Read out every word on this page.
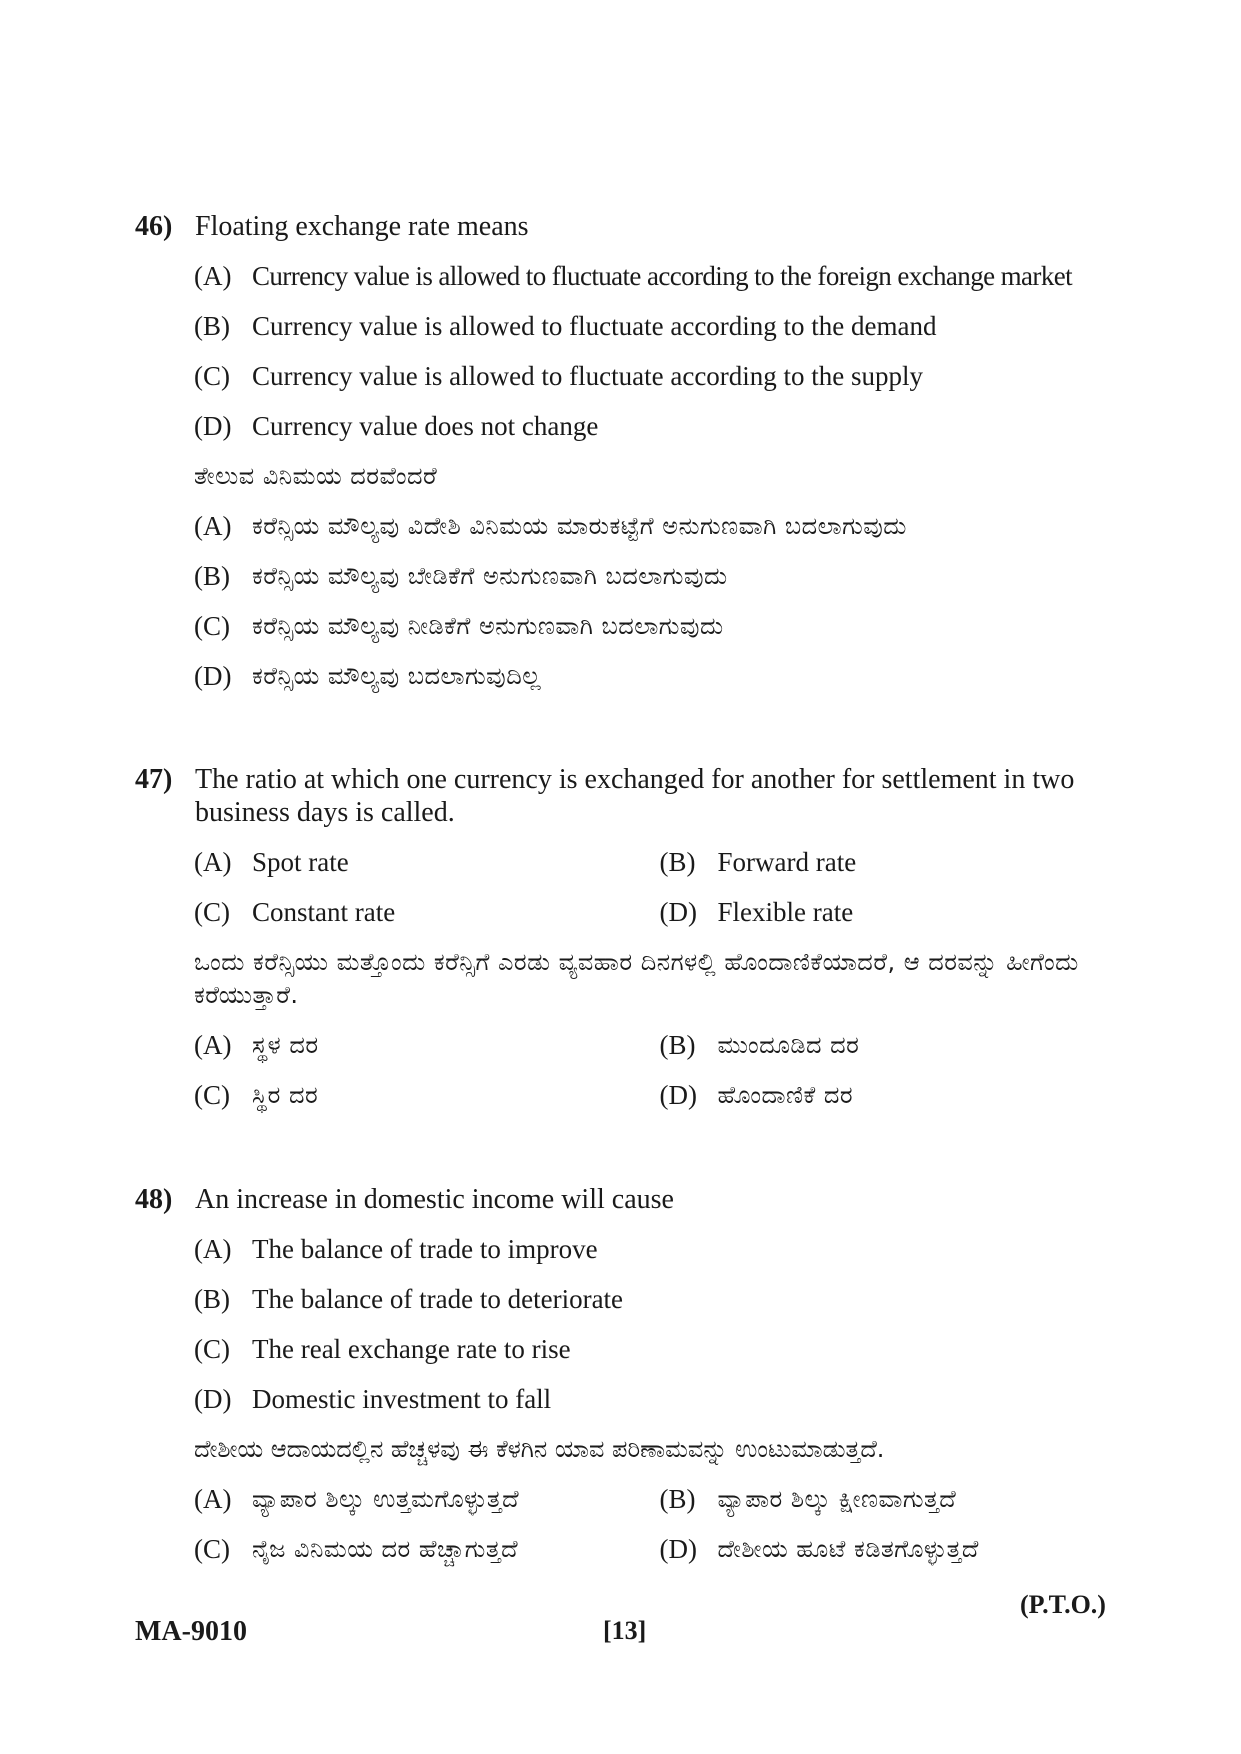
46) Floating exchange rate means
(A) Currency value is allowed to fluctuate according to the foreign exchange market
(B) Currency value is allowed to fluctuate according to the demand
(C) Currency value is allowed to fluctuate according to the supply
(D) Currency value does not change
ತೇಲುವ ವಿನಿಮಯ ದರವೆಂದರೆ
(A) ಕರೆನ್ಸಿಯ ಮೌಲ್ಯವು ವಿದೇಶಿ ವಿನಿಮಯ ಮಾರುಕಟ್ಟೆಗೆ ಅನುಗುಣವಾಗಿ ಬದಲಾಗುವುದು
(B) ಕರೆನ್ಸಿಯ ಮೌಲ್ಯವು ಬೇಡಿಕೆಗೆ ಅನುಗುಣವಾಗಿ ಬದಲಾಗುವುದು
(C) ಕರೆನ್ಸಿಯ ಮೌಲ್ಯವು ನೀಡಿಕೆಗೆ ಅನುಗುಣವಾಗಿ ಬದಲಾಗುವುದು
(D) ಕರೆನ್ಸಿಯ ಮೌಲ್ಯವು ಬದಲಾಗುವುದಿಲ್ಲ
47) The ratio at which one currency is exchanged for another for settlement in two business days is called.
(A) Spot rate	(B) Forward rate
(C) Constant rate	(D) Flexible rate
ಒಂದು ಕರೆನ್ಸಿಯು ಮತ್ತೊಂದು ಕರೆನ್ಸಿಗೆ ಎರಡು ವ್ಯವಹಾರ ದಿನಗಳಲ್ಲಿ ಹೊಂದಾಣಿಕೆಯಾದರೆ, ಆ ದರವನ್ನು ಹೀಗೆಂದು ಕರೆಯುತ್ತಾರೆ.
(A) ಸ್ಥಳ ದರ	(B) ಮುಂದೂಡಿದ ದರ
(C) ಸ್ಥಿರ ದರ	(D) ಹೊಂದಾಣಿಕೆ ದರ
48) An increase in domestic income will cause
(A) The balance of trade to improve
(B) The balance of trade to deteriorate
(C) The real exchange rate to rise
(D) Domestic investment to fall
ದೇಶೀಯ ಆದಾಯದಲ್ಲಿನ ಹೆಚ್ಚಳವು ಈ ಕೆಳಗಿನ ಯಾವ ಪರಿಣಾಮವನ್ನು ಉಂಟುಮಾಡುತ್ತದೆ.
(A) ವ್ಯಾಪಾರ ಶಿಲ್ಕು ಉತ್ತಮಗೊಳ್ಳುತ್ತದೆ	(B) ವ್ಯಾಪಾರ ಶಿಲ್ಕು ಕ್ಷೀಣವಾಗುತ್ತದೆ
(C) ನೈಜ ವಿನಿಮಯ ದರ ಹೆಚ್ಚಾಗುತ್ತದೆ	(D) ದೇಶೀಯ ಹೂಟೆ ಕಡಿತಗೊಳ್ಳುತ್ತದೆ
(P.T.O.)
MA-9010	[13]
